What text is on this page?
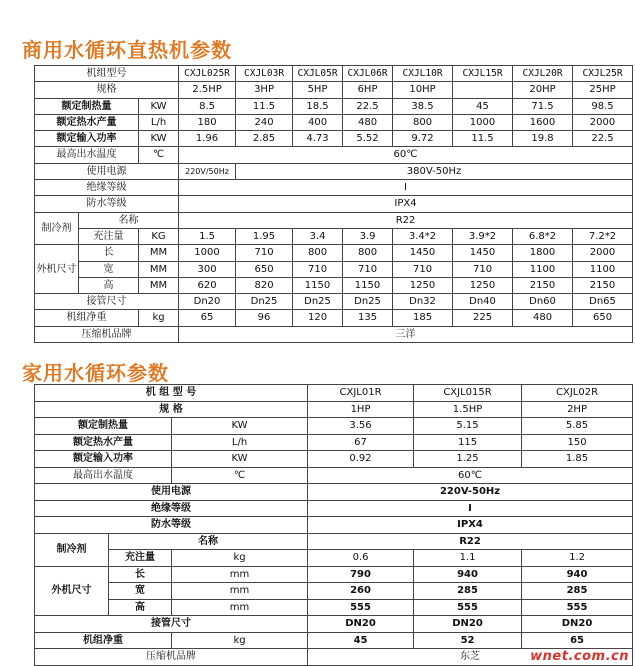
商用水循环直热机参数
机组型号			CXJL025R	CXJL03R	CXJL05R	CXJL06R	CXJL10R	CXJL15R	CXJL20R	CXJL25R
规格			2.5HP	3HP	5HP	6HP	10HP		20HP	25HP
额定制热量		KW	8.5	11.5	18.5	22.5	38.5	45	71.5	98.5
额定热水产量		L/h	180	240	400	480	800	1000	1600	2000
额定输入功率		KW	1.96	2.85	4.73	5.52	9.72	11.5	19.8	22.5
最高出水温度		℃	60℃							
使用电源			220V/50Hz	380V-50Hz						
绝缘等级			I							
防水等级			IPX4							
制冷剂	名称		R22							
	充注量	KG	1.5	1.95	3.4	3.9	3.4*2	3.9*2	6.8*2	7.2*2
外机尺寸	长	MM	1000	710	800	800	1450	1450	1800	2000
	宽	MM	300	650	710	710	710	710	1100	1100
	高	MM	620	820	1150	1150	1250	1250	2150	2150
接管尺寸			Dn20	Dn25	Dn25	Dn25	Dn32	Dn40	Dn60	Dn65
机组净重		kg	65	96	120	135	185	225	480	650
压缩机品牌			三洋							
家用水循环参数
机 组 型 号			CXJL01R	CXJL015R	CXJL02R
规 格			1HP	1.5HP	2HP
额定制热量		KW	3.56	5.15	5.85
额定热水产量		L/h	67	115	150
额定输入功率		KW	0.92	1.25	1.85
最高出水温度		℃	60℃		
使用电源			220V-50Hz		
绝缘等级			I		
防水等级			IPX4		
制冷剂	名称		R22		
	充注量	kg	0.6	1.1	1.2
外机尺寸	长	mm	790	940	940
	宽	mm	260	285	285
	高	mm	555	555	555
接管尺寸			DN20	DN20	DN20
机组净重		kg	45	52	65
压缩机品牌			东芝			wnet.com.cn
